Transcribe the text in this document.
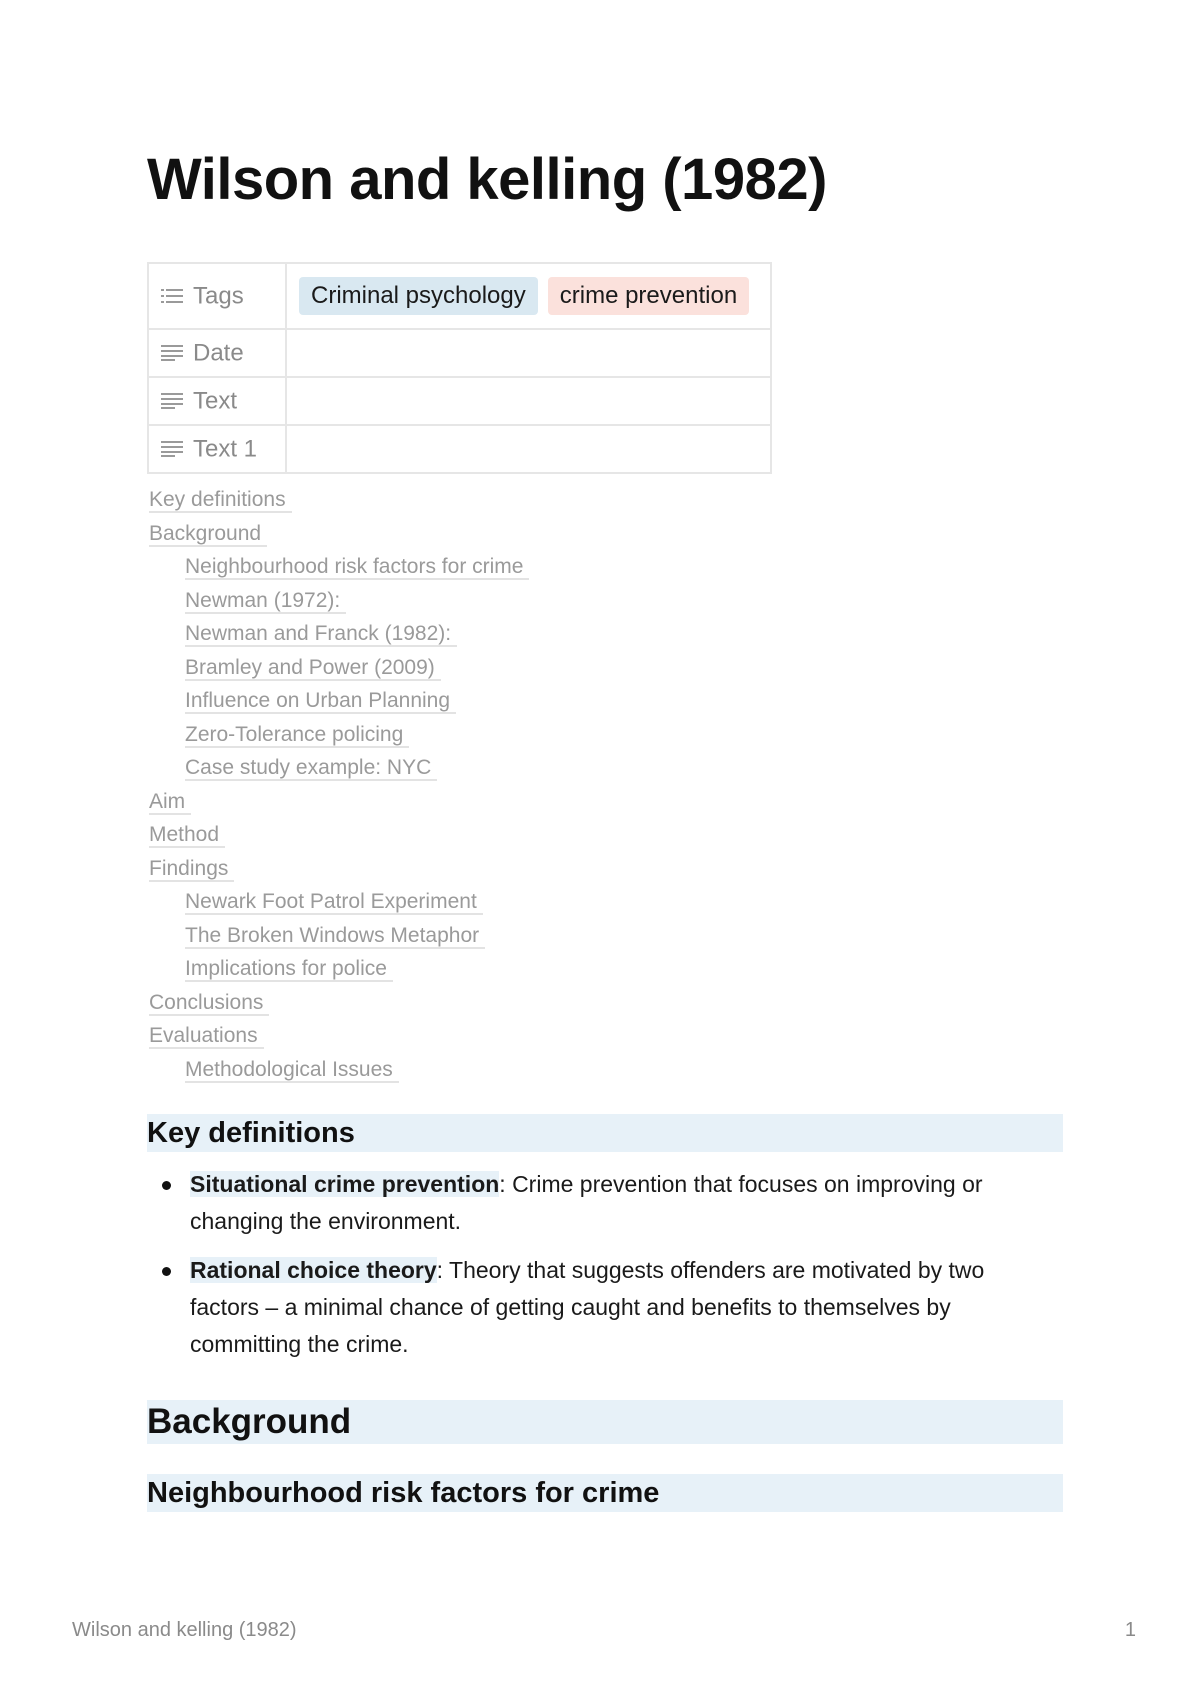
Wilson and kelling (1982)
Tags	Criminal psychology crime prevention
Date	
Text	
Text 1	
Key definitions
Background
Neighbourhood risk factors for crime
Newman (1972):
Newman and Franck (1982):
Bramley and Power (2009)
Influence on Urban Planning
Zero-Tolerance policing
Case study example: NYC
Aim
Method
Findings
Newark Foot Patrol Experiment
The Broken Windows Metaphor
Implications for police
Conclusions
Evaluations
Methodological Issues
Key definitions
Situational crime prevention: Crime prevention that focuses on improving or changing the environment.
Rational choice theory: Theory that suggests offenders are motivated by two factors – a minimal chance of getting caught and benefits to themselves by committing the crime.
Background
Neighbourhood risk factors for crime
Wilson and kelling (1982)	1
